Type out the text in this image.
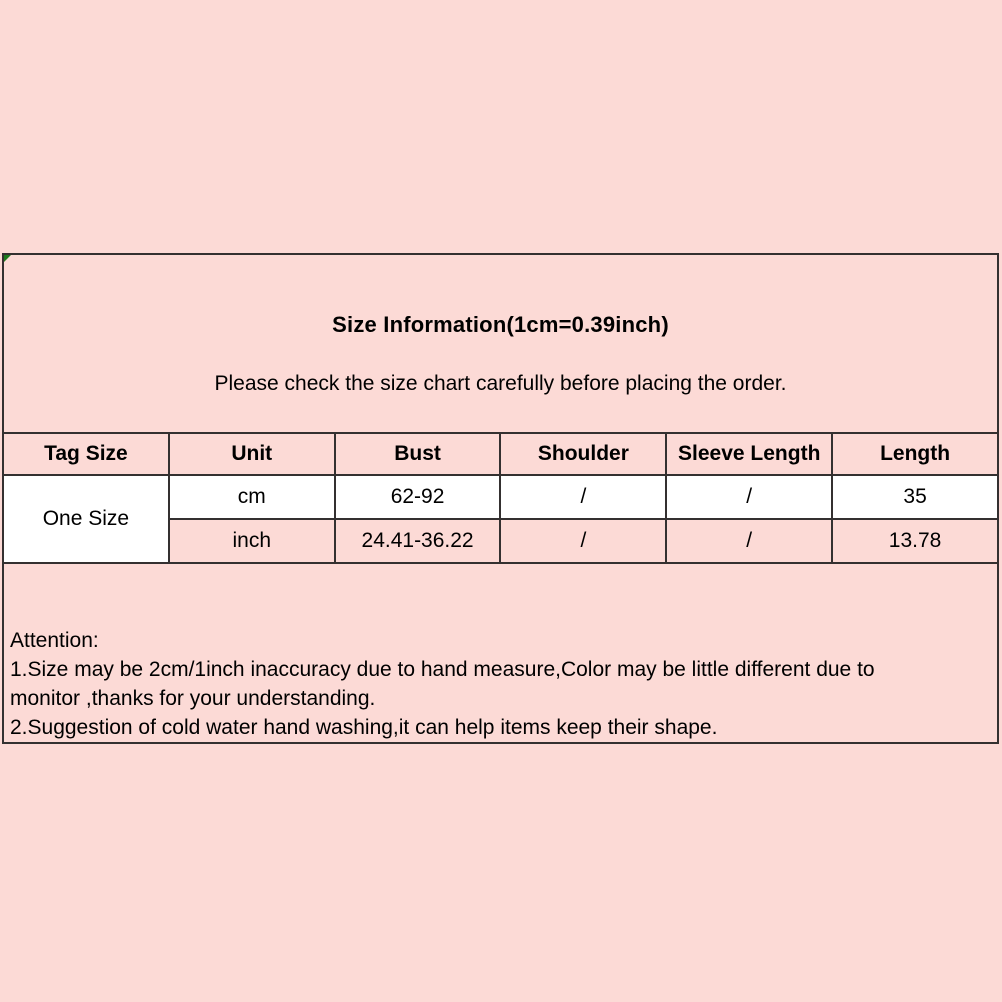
Size Information(1cm=0.39inch)
Please check the size chart carefully before placing the order.
Tag Size	Unit	Bust	Shoulder	Sleeve Length	Length
One Size	cm	62-92	/	/	35
	inch	24.41-36.22	/	/	13.78
Attention:
1.Size may be 2cm/1inch inaccuracy due to hand measure,Color may be little different due to
monitor ,thanks for your understanding.
2.Suggestion of cold water hand washing,it can help items keep their shape.
